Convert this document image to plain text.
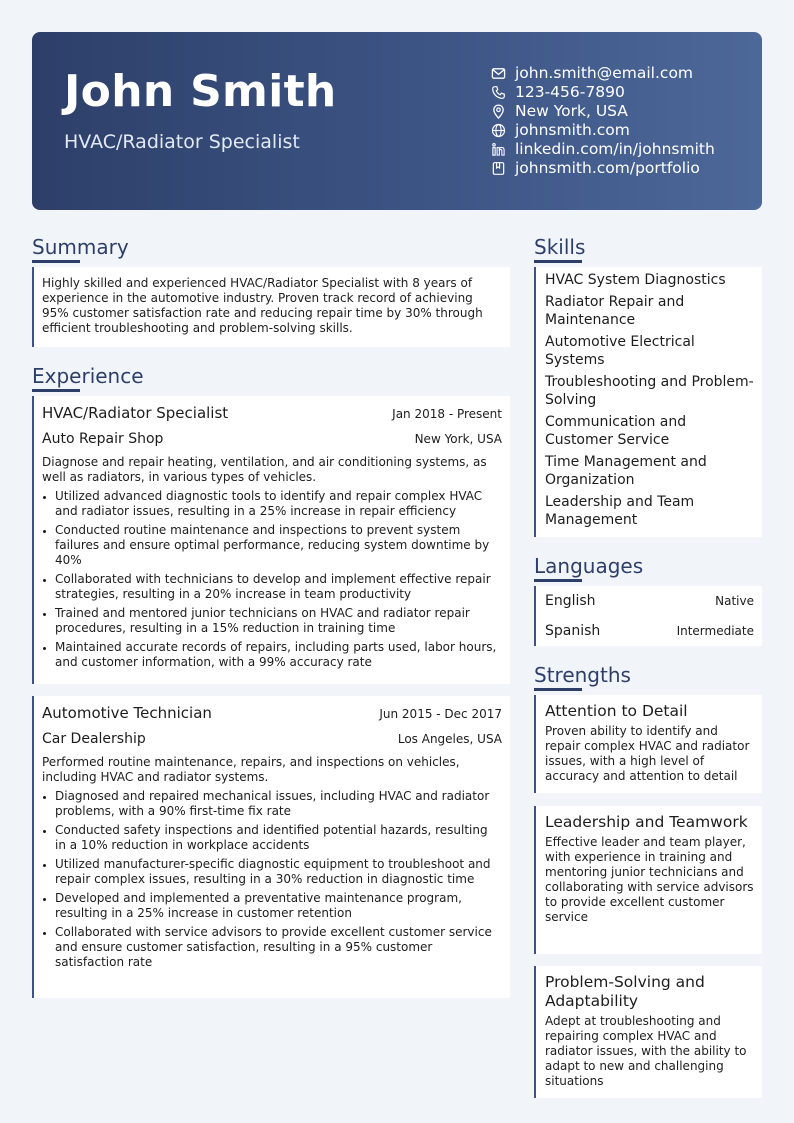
John Smith
HVAC/Radiator Specialist
john.smith@email.com
123-456-7890
New York, USA
johnsmith.com
linkedin.com/in/johnsmith
johnsmith.com/portfolio
Summary
Highly skilled and experienced HVAC/Radiator Specialist with 8 years of experience in the automotive industry. Proven track record of achieving 95% customer satisfaction rate and reducing repair time by 30% through efficient troubleshooting and problem-solving skills.
Experience
HVAC/Radiator Specialist	Jan 2018 - Present
Auto Repair Shop	New York, USA
Diagnose and repair heating, ventilation, and air conditioning systems, as well as radiators, in various types of vehicles.
• Utilized advanced diagnostic tools to identify and repair complex HVAC and radiator issues, resulting in a 25% increase in repair efficiency
• Conducted routine maintenance and inspections to prevent system failures and ensure optimal performance, reducing system downtime by 40%
• Collaborated with technicians to develop and implement effective repair strategies, resulting in a 20% increase in team productivity
• Trained and mentored junior technicians on HVAC and radiator repair procedures, resulting in a 15% reduction in training time
• Maintained accurate records of repairs, including parts used, labor hours, and customer information, with a 99% accuracy rate
Automotive Technician	Jun 2015 - Dec 2017
Car Dealership	Los Angeles, USA
Performed routine maintenance, repairs, and inspections on vehicles, including HVAC and radiator systems.
• Diagnosed and repaired mechanical issues, including HVAC and radiator problems, with a 90% first-time fix rate
• Conducted safety inspections and identified potential hazards, resulting in a 10% reduction in workplace accidents
• Utilized manufacturer-specific diagnostic equipment to troubleshoot and repair complex issues, resulting in a 30% reduction in diagnostic time
• Developed and implemented a preventative maintenance program, resulting in a 25% increase in customer retention
• Collaborated with service advisors to provide excellent customer service and ensure customer satisfaction, resulting in a 95% customer satisfaction rate
Skills
HVAC System Diagnostics
Radiator Repair and Maintenance
Automotive Electrical Systems
Troubleshooting and Problem-Solving
Communication and Customer Service
Time Management and Organization
Leadership and Team Management
Languages
English	Native
Spanish	Intermediate
Strengths
Attention to Detail
Proven ability to identify and repair complex HVAC and radiator issues, with a high level of accuracy and attention to detail
Leadership and Teamwork
Effective leader and team player, with experience in training and mentoring junior technicians and collaborating with service advisors to provide excellent customer service
Problem-Solving and Adaptability
Adept at troubleshooting and repairing complex HVAC and radiator issues, with the ability to adapt to new and challenging situations
